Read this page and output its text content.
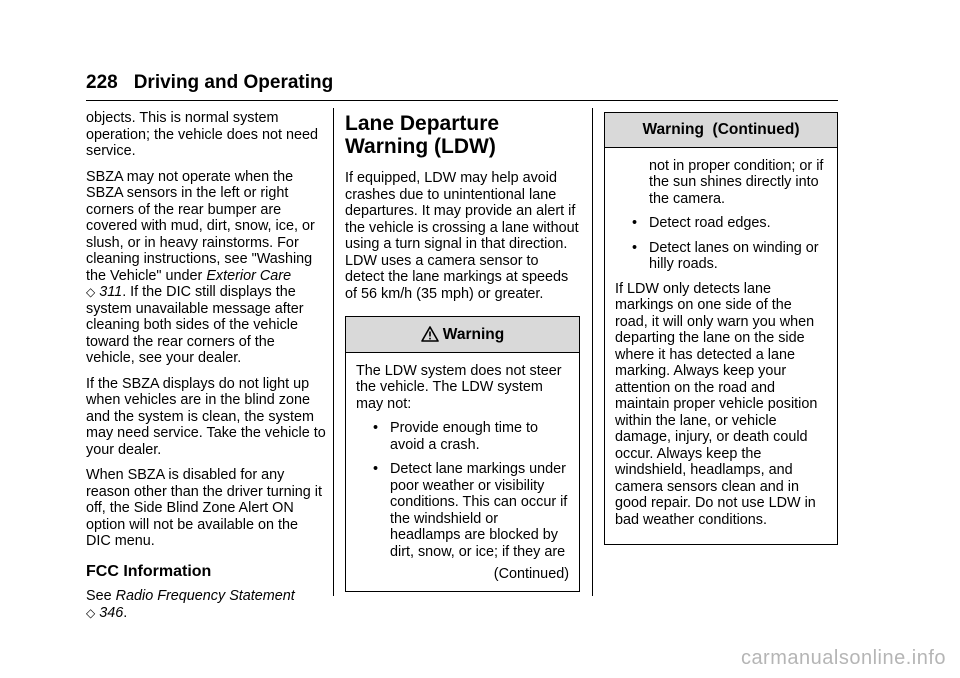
228 Driving and Operating

objects. This is normal system operation; the vehicle does not need service.

SBZA may not operate when the SBZA sensors in the left or right corners of the rear bumper are covered with mud, dirt, snow, ice, or slush, or in heavy rainstorms. For cleaning instructions, see "Washing the Vehicle" under Exterior Care
◇ 311. If the DIC still displays the system unavailable message after cleaning both sides of the vehicle toward the rear corners of the vehicle, see your dealer.

If the SBZA displays do not light up when vehicles are in the blind zone and the system is clean, the system may need service. Take the vehicle to your dealer.

When SBZA is disabled for any reason other than the driver turning it off, the Side Blind Zone Alert ON option will not be available on the DIC menu.

FCC Information

See Radio Frequency Statement
◇ 346.

Lane Departure Warning (LDW)

If equipped, LDW may help avoid crashes due to unintentional lane departures. It may provide an alert if the vehicle is crossing a lane without using a turn signal in that direction. LDW uses a camera sensor to detect the lane markings at speeds of 56 km/h (35 mph) or greater.

Warning

The LDW system does not steer the vehicle. The LDW system may not:

• Provide enough time to avoid a crash.
• Detect lane markings under poor weather or visibility conditions. This can occur if the windshield or headlamps are blocked by dirt, snow, or ice; if they are
(Continued)
Warning  (Continued)

not in proper condition; or if the sun shines directly into the camera.

• Detect road edges.
• Detect lanes on winding or hilly roads.

If LDW only detects lane markings on one side of the road, it will only warn you when departing the lane on the side where it has detected a lane marking. Always keep your attention on the road and maintain proper vehicle position within the lane, or vehicle damage, injury, or death could occur. Always keep the windshield, headlamps, and camera sensors clean and in good repair. Do not use LDW in bad weather conditions.

carmanualsonline.info
